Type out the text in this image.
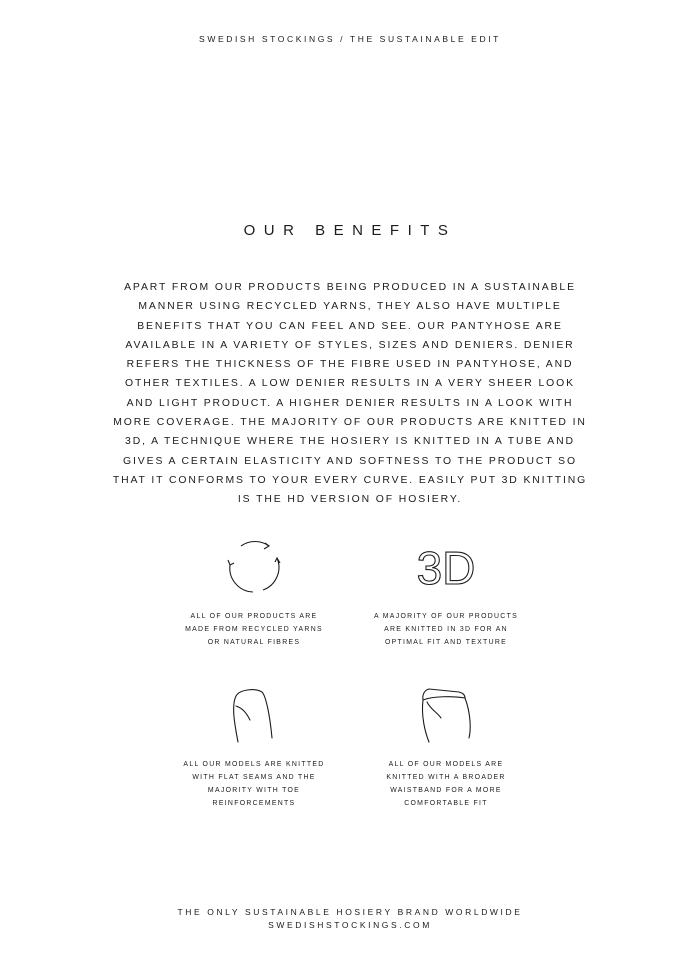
SWEDISH STOCKINGS / THE SUSTAINABLE EDIT
OUR BENEFITS

APART FROM OUR PRODUCTS BEING PRODUCED IN A SUSTAINABLE MANNER USING RECYCLED YARNS, THEY ALSO HAVE MULTIPLE BENEFITS THAT YOU CAN FEEL AND SEE. OUR PANTYHOSE ARE AVAILABLE IN A VARIETY OF STYLES, SIZES AND DENIERS. DENIER REFERS THE THICKNESS OF THE FIBRE USED IN PANTYHOSE, AND OTHER TEXTILES. A LOW DENIER RESULTS IN A VERY SHEER LOOK AND LIGHT PRODUCT. A HIGHER DENIER RESULTS IN A LOOK WITH MORE COVERAGE. THE MAJORITY OF OUR PRODUCTS ARE KNITTED IN 3D, A TECHNIQUE WHERE THE HOSIERY IS KNITTED IN A TUBE AND GIVES A CERTAIN ELASTICITY AND SOFTNESS TO THE PRODUCT SO THAT IT CONFORMS TO YOUR EVERY CURVE. EASILY PUT 3D KNITTING IS THE HD VERSION OF HOSIERY.

ALL OF OUR PRODUCTS ARE MADE FROM RECYCLED YARNS OR NATURAL FIBRES

3D

A MAJORITY OF OUR PRODUCTS ARE KNITTED IN 3D FOR AN OPTIMAL FIT AND TEXTURE

ALL OUR MODELS ARE KNITTED WITH FLAT SEAMS AND THE MAJORITY WITH TOE REINFORCEMENTS

ALL OF OUR MODELS ARE KNITTED WITH A BROADER WAISTBAND FOR A MORE COMFORTABLE FIT

THE ONLY SUSTAINABLE HOSIERY BRAND WORLDWIDE
SWEDISHSTOCKINGS.COM
